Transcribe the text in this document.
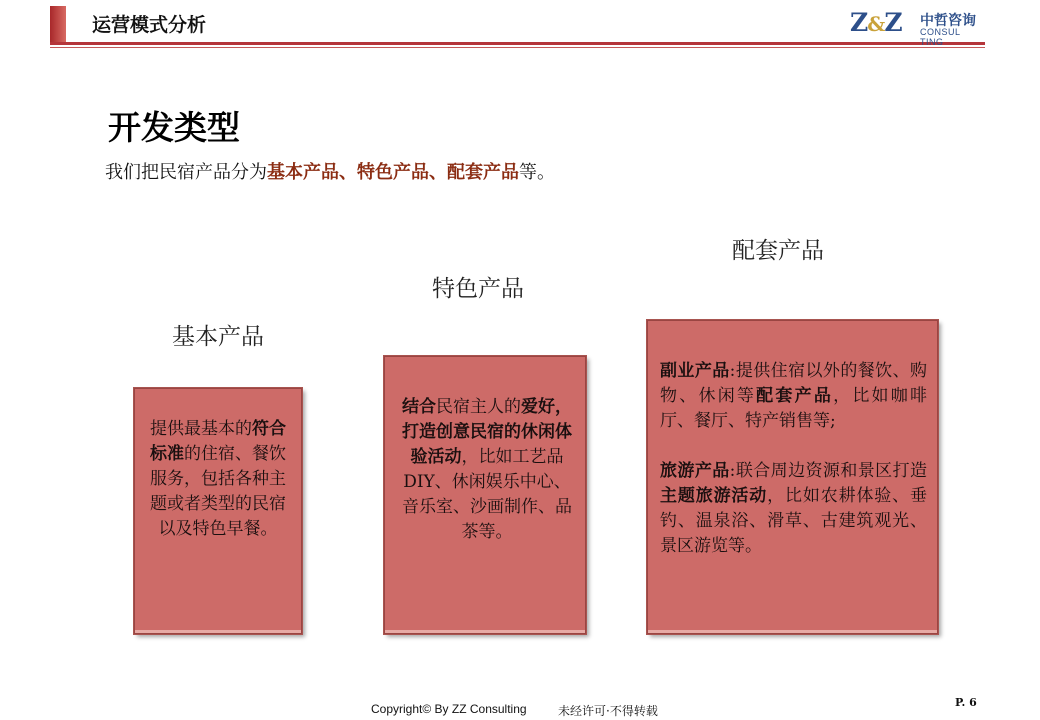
运营模式分析	Z&Z 中哲咨询
CONSUL TING
开发类型
我们把民宿产品分为基本产品、特色产品、配套产品等。
基本产品
特色产品
配套产品
提供最基本的符合标准的住宿、餐饮服务，包括各种主题或者类型的民宿以及特色早餐。
结合民宿主人的爱好，打造创意民宿的休闲体验活动，比如工艺品DIY、休闲娱乐中心、音乐室、沙画制作、品茶等。
副业产品:提供住宿以外的餐饮、购物、休闲等配套产品，比如咖啡厅、餐厅、特产销售等;
旅游产品:联合周边资源和景区打造主题旅游活动，比如农耕体验、垂钓、温泉浴、滑草、古建筑观光、景区游览等。
Copyright© By ZZ Consulting	未经许可·不得转载
P. 6
